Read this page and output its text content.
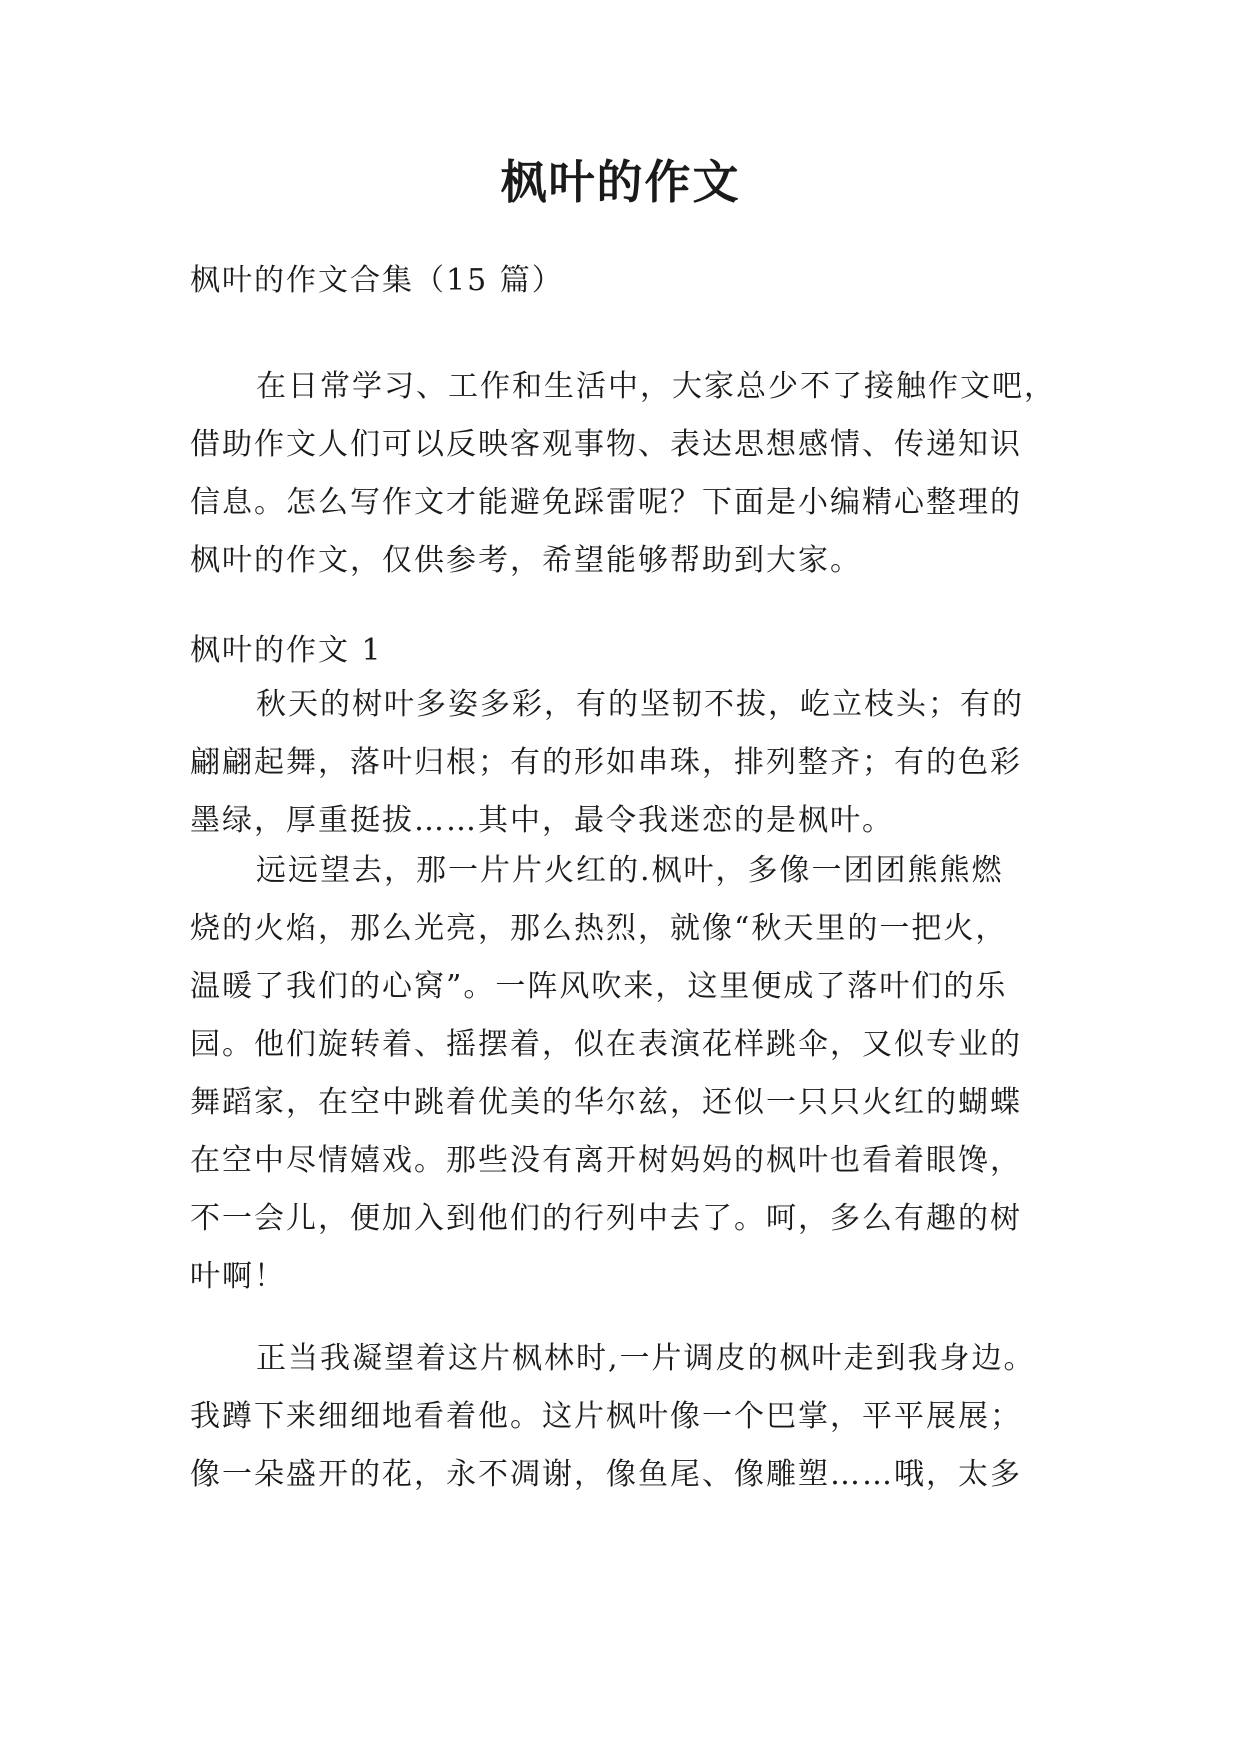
枫叶的作文
枫叶的作文合集（15 篇）
在日常学习、工作和生活中，大家总少不了接触作文吧，
借助作文人们可以反映客观事物、表达思想感情、传递知识
信息。怎么写作文才能避免踩雷呢？下面是小编精心整理的
枫叶的作文，仅供参考，希望能够帮助到大家。
枫叶的作文 1
秋天的树叶多姿多彩，有的坚韧不拔，屹立枝头；有的
翩翩起舞，落叶归根；有的形如串珠，排列整齐；有的色彩
墨绿，厚重挺拔……其中，最令我迷恋的是枫叶。
远远望去，那一片片火红的.枫叶，多像一团团熊熊燃
烧的火焰，那么光亮，那么热烈，就像“秋天里的一把火，
温暖了我们的心窝”。一阵风吹来，这里便成了落叶们的乐
园。他们旋转着、摇摆着，似在表演花样跳伞，又似专业的
舞蹈家，在空中跳着优美的华尔兹，还似一只只火红的蝴蝶
在空中尽情嬉戏。那些没有离开树妈妈的枫叶也看着眼馋，
不一会儿，便加入到他们的行列中去了。呵，多么有趣的树
叶啊！
正当我凝望着这片枫林时,一片调皮的枫叶走到我身边。
我蹲下来细细地看着他。这片枫叶像一个巴掌，平平展展；
像一朵盛开的花，永不凋谢，像鱼尾、像雕塑……哦，太多
